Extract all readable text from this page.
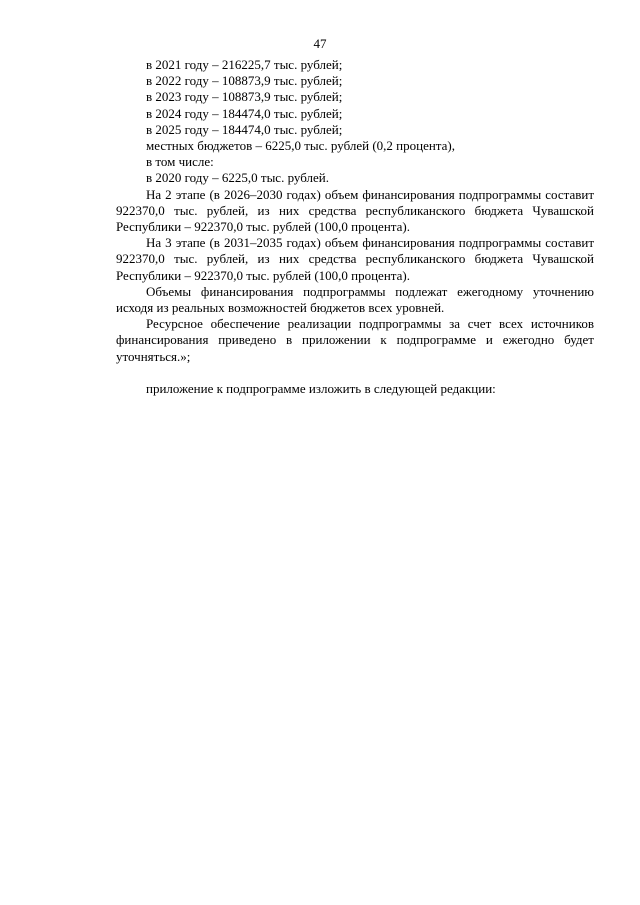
47
в 2021 году – 216225,7 тыс. рублей;
в 2022 году – 108873,9 тыс. рублей;
в 2023 году – 108873,9 тыс. рублей;
в 2024 году – 184474,0 тыс. рублей;
в 2025 году – 184474,0 тыс. рублей;
местных бюджетов – 6225,0 тыс. рублей (0,2 процента),
в том числе:
в 2020 году – 6225,0 тыс. рублей.

На 2 этапе (в 2026–2030 годах) объем финансирования подпрограммы составит 922370,0 тыс. рублей, из них средства республиканского бюджета Чувашской Республики – 922370,0 тыс. рублей (100,0 процента).

На 3 этапе (в 2031–2035 годах) объем финансирования подпрограммы составит 922370,0 тыс. рублей, из них средства республиканского бюджета Чувашской Республики – 922370,0 тыс. рублей (100,0 процента).

Объемы финансирования подпрограммы подлежат ежегодному уточнению исходя из реальных возможностей бюджетов всех уровней.

Ресурсное обеспечение реализации подпрограммы за счет всех источников финансирования приведено в приложении к подпрограмме и ежегодно будет уточняться.»;

приложение к подпрограмме изложить в следующей редакции:
